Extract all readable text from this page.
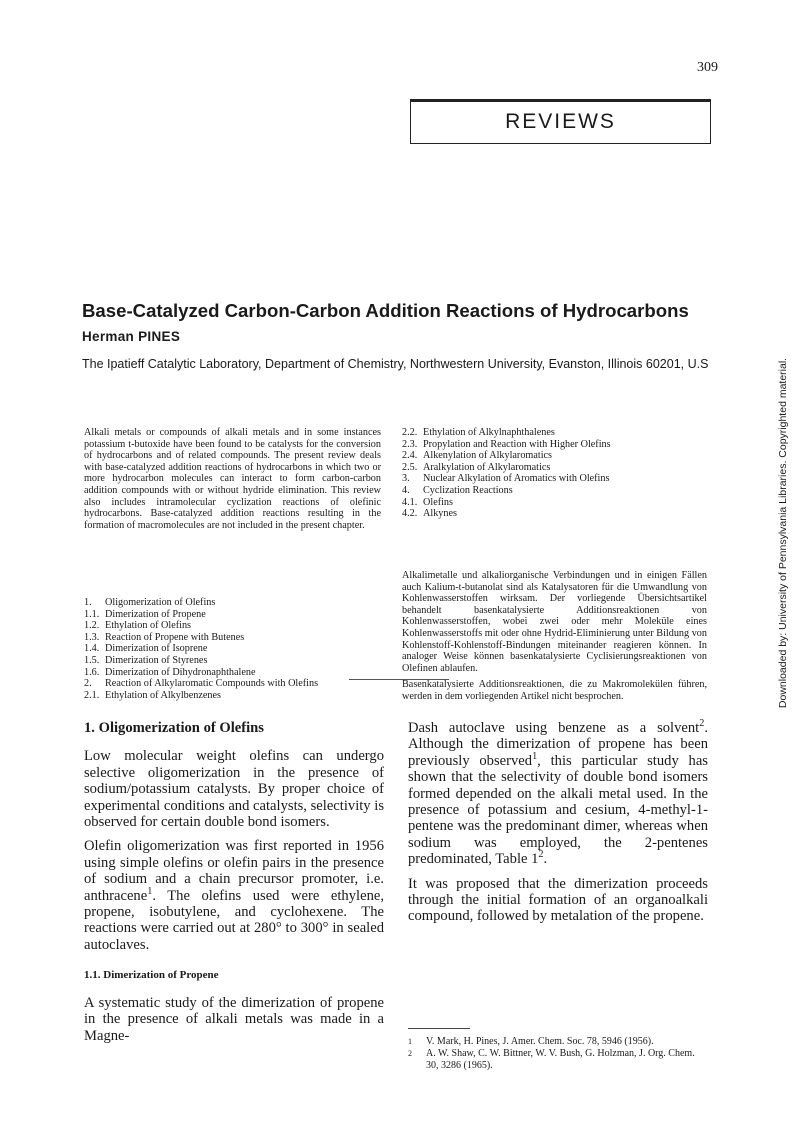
309
REVIEWS
Base-Catalyzed Carbon-Carbon Addition Reactions of Hydrocarbons
Herman PINES
The Ipatieff Catalytic Laboratory, Department of Chemistry, Northwestern University, Evanston, Illinois 60201, U.S	Downloaded by: University of Pennsylvania Libraries. Copyrighted material.
Alkali metals or compounds of alkali metals and in some instances potassium t-butoxide have been found to be catalysts for the conversion of hydrocarbons and of related compounds. The present review deals with base-catalyzed addition reactions of hydrocarbons in which two or more hydrocarbon molecules can interact to form carbon-carbon addition compounds with or without hydride elimination. This review also includes intramolecular cyclization reactions of olefinic hydrocarbons. Base-catalyzed addition reactions resulting in the formation of macromolecules are not included in the present chapter.
1.	Oligomerization of Olefins
1.1. Dimerization of Propene
1.2. Ethylation of Olefins
1.3. Reaction of Propene with Butenes
1.4. Dimerization of Isoprene
1.5. Dimerization of Styrenes
1.6. Dimerization of Dihydronaphthalene
2.	Reaction of Alkylaromatic Compounds with Olefins
2.1. Ethylation of Alkylbenzenes
2.2. Ethylation of Alkylnaphthalenes
2.3. Propylation and Reaction with Higher Olefins
2.4. Alkenylation of Alkylaromatics
2.5. Aralkylation of Alkylaromatics
3.	Nuclear Alkylation of Aromatics with Olefins
4.	Cyclization Reactions
4.1. Olefins
4.2. Alkynes
Alkalimetalle und alkaliorganische Verbindungen und in einigen Fällen auch Kalium-t-butanolat sind als Katalysatoren für die Umwandlung von Kohlenwasserstoffen wirksam. Der vorliegende Übersichtsartikel behandelt basenkatalysierte Additionsreaktionen von Kohlenwasserstoffen, wobei zwei oder mehr Moleküle eines Kohlenwasserstoffs mit oder ohne Hydrid-Eliminierung unter Bildung von Kohlenstoff-Kohlenstoff-Bindungen miteinander reagieren können. In analoger Weise können basenkatalysierte Cyclisierungsreaktionen von Olefinen ablaufen.
Basenkatalysierte Additionsreaktionen, die zu Makromolekülen führen, werden in dem vorliegenden Artikel nicht besprochen.
1. Oligomerization of Olefins

Low molecular weight olefins can undergo selective oligomerization in the presence of sodium/potassium catalysts. By proper choice of experimental conditions and catalysts, selectivity is observed for certain double bond isomers.

Olefin oligomerization was first reported in 1956 using simple olefins or olefin pairs in the presence of sodium and a chain precursor promoter, i.e. anthracene$^1$. The olefins used were ethylene, propene, isobutylene, and cyclohexene. The reactions were carried out at 280° to 300° in sealed autoclaves.

1.1. Dimerization of Propene

A systematic study of the dimerization of propene in the presence of alkali metals was made in a Magne-

Dash autoclave using benzene as a solvent$^2$. Although the dimerization of propene has been previously observed$^1$, this particular study has shown that the selectivity of double bond isomers formed depended on the alkali metal used. In the presence of potassium and cesium, 4-methyl-1-pentene was the predominant dimer, whereas when sodium was employed, the 2-pentenes predominated, Table $1^2$.

It was proposed that the dimerization proceeds through the initial formation of an organoalkali compound, followed by metalation of the propene.

1	V. Mark, H. Pines, J. Amer. Chem. Soc. 78, 5946 (1956).
2	A. W. Shaw, C. W. Bittner, W. V. Bush, G. Holzman, J. Org. Chem. 30, 3286 (1965).
